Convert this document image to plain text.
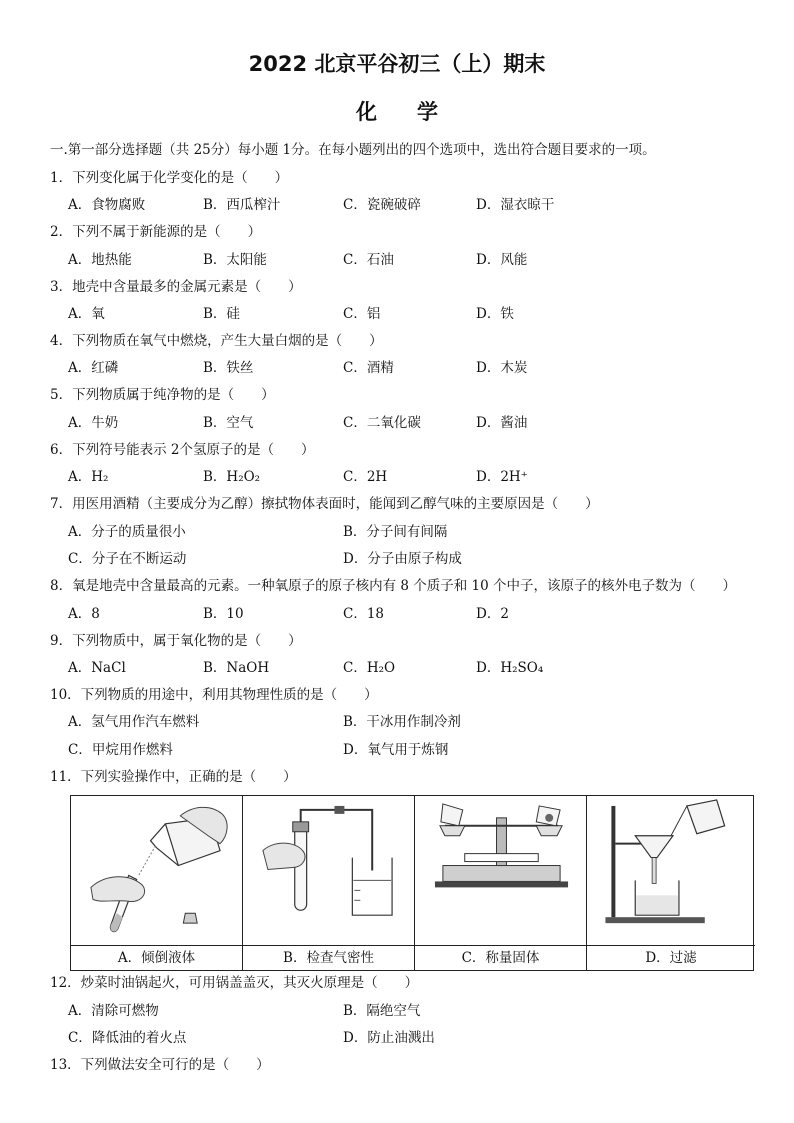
2022 北京平谷初三（上）期末
化学
一.第一部分选择题（共 25分）每小题 1分。在每小题列出的四个选项中，选出符合题目要求的一项。
1．下列变化属于化学变化的是（　　）
A．食物腐败	B．西瓜榨汁	C．瓷碗破碎	D．湿衣晾干
2．下列不属于新能源的是（　　）
A．地热能	B．太阳能	C．石油	D．风能
3．地壳中含量最多的金属元素是（　　）
A．氧	B．硅	C．铝	D．铁
4．下列物质在氧气中燃烧，产生大量白烟的是（　　）
A．红磷	B．铁丝	C．酒精	D．木炭
5．下列物质属于纯净物的是（　　）
A．牛奶	B．空气	C．二氧化碳	D．酱油
6．下列符号能表示 2个氢原子的是（　　）
A．H₂	B．H₂O₂	C．2H	D．2H⁺
7．用医用酒精（主要成分为乙醇）擦拭物体表面时，能闻到乙醇气味的主要原因是（　　）
A．分子的质量很小	B．分子间有间隔
C．分子在不断运动	D．分子由原子构成
8．氧是地壳中含量最高的元素。一种氧原子的原子核内有 8 个质子和 10 个中子，该原子的核外电子数为（　　）
A．8	B．10	C．18	D．2
9．下列物质中，属于氧化物的是（　　）
A．NaCl	B．NaOH	C．H₂O	D．H₂SO₄
10．下列物质的用途中，利用其物理性质的是（　　）
A．氢气用作汽车燃料	B．干冰用作制冷剂
C．甲烷用作燃料	D．氧气用于炼钢
11．下列实验操作中，正确的是（　　）
A．倾倒液体	B．检查气密性	C．称量固体	D．过滤
12．炒菜时油锅起火，可用锅盖盖灭，其灭火原理是（　　）
A．清除可燃物	B．隔绝空气
C．降低油的着火点	D．防止油溅出
13．下列做法安全可行的是（　　）
